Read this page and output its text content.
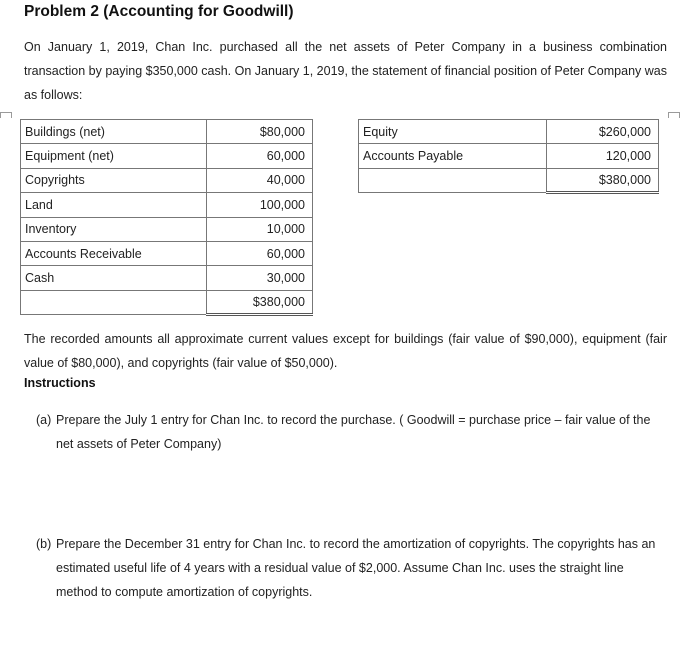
Problem 2 (Accounting for Goodwill)
On January 1, 2019, Chan Inc. purchased all the net assets of Peter Company in a business combination transaction by paying $350,000 cash. On January 1, 2019, the statement of financial position of Peter Company was as follows:
Buildings (net)	$80,000
Equipment (net)	60,000
Copyrights	40,000
Land	100,000
Inventory	10,000
Accounts Receivable	60,000
Cash	30,000
	$380,000
Equity	$260,000
Accounts Payable	120,000
	$380,000
The recorded amounts all approximate current values except for buildings (fair value of $90,000), equipment (fair value of $80,000), and copyrights (fair value of $50,000).
Instructions
(a) Prepare the July 1 entry for Chan Inc. to record the purchase. ( Goodwill = purchase price – fair value of the net assets of Peter Company)
(b) Prepare the December 31 entry for Chan Inc. to record the amortization of copyrights. The copyrights has an estimated useful life of 4 years with a residual value of $2,000. Assume Chan Inc. uses the straight line method to compute amortization of copyrights.
